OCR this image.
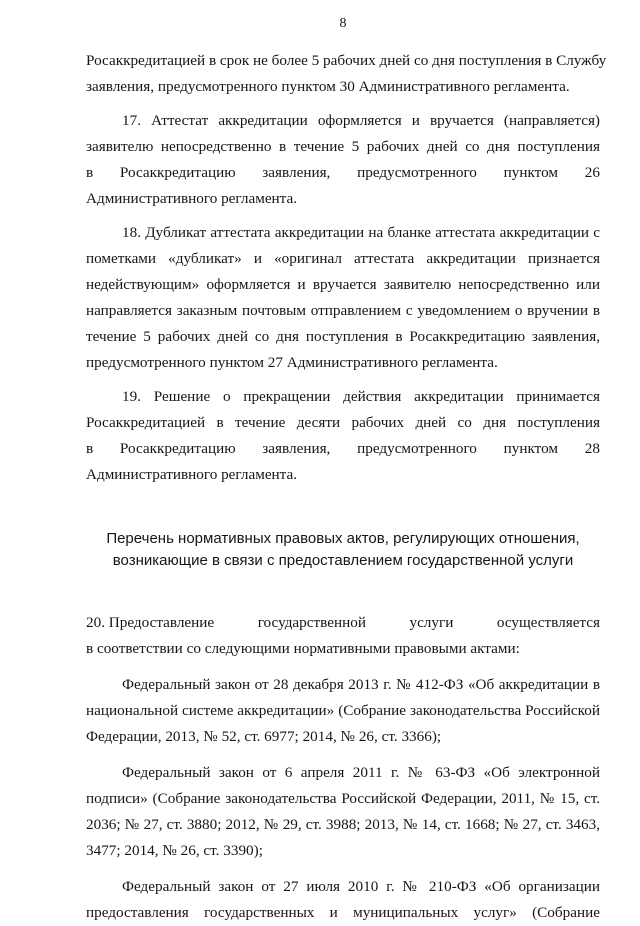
8

Росаккредитацией в срок не более 5 рабочих дней со дня поступления в Службу

заявления, предусмотренного пунктом 30 Административного регламента.

17. Аттестат аккредитации оформляется и вручается (направляется)

заявителю непосредственно в течение 5 рабочих дней со дня поступления

в Росаккредитацию заявления, предусмотренного пунктом 26

Административного регламента.

18. Дубликат аттестата аккредитации на бланке аттестата аккредитации с пометками «дубликат» и «оригинал аттестата аккредитации признается недействующим» оформляется и вручается заявителю непосредственно или направляется заказным почтовым отправлением с уведомлением о вручении в течение 5 рабочих дней со дня поступления в Росаккредитацию заявления, предусмотренного пунктом 27 Административного регламента.

19. Решение о прекращении действия аккредитации принимается

Росаккредитацией в течение десяти рабочих дней со дня поступления

в Росаккредитацию заявления, предусмотренного пунктом 28

Административного регламента.

Перечень нормативных правовых актов, регулирующих отношения,
возникающие в связи с предоставлением государственной услуги

20. Предоставление	государственной	услуги	осуществляется

в соответствии со следующими нормативными правовыми актами:

Федеральный закон от 28 декабря 2013 г. № 412-ФЗ «Об аккредитации в национальной системе аккредитации» (Собрание законодательства Российской Федерации, 2013, № 52, ст. 6977; 2014, № 26, ст. 3366);

Федеральный закон от 6 апреля 2011 г. № 63-ФЗ «Об электронной подписи» (Собрание законодательства Российской Федерации, 2011, № 15, ст. 2036; № 27, ст. 3880; 2012, № 29, ст. 3988; 2013, № 14, ст. 1668; № 27, ст. 3463, 3477; 2014, № 26, ст. 3390);

Федеральный закон от 27 июля 2010 г. № 210-ФЗ «Об организации

предоставления государственных и муниципальных услуг» (Собрание
